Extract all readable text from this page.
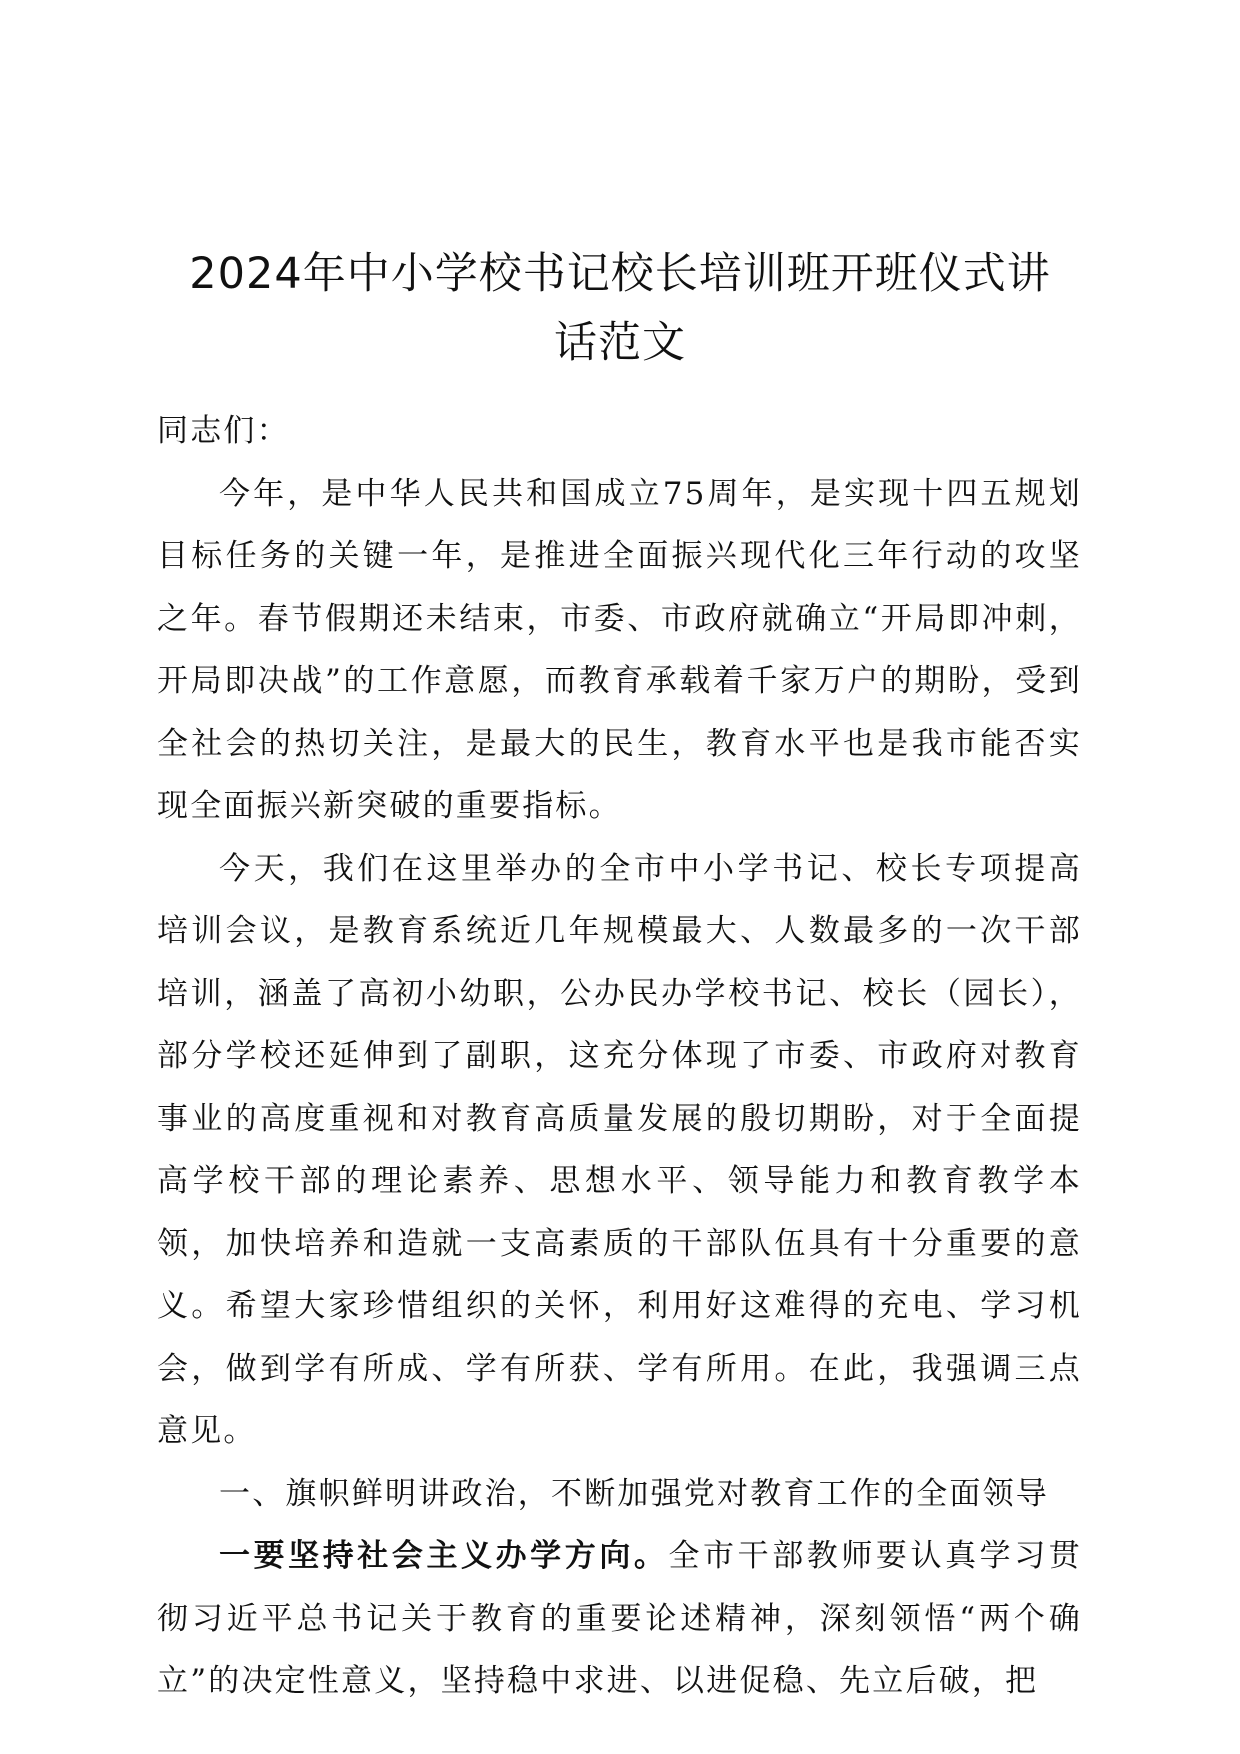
2024年中小学校书记校长培训班开班仪式讲
话范文

同志们：

今年，是中华人民共和国成立75周年，是实现十四五规划目标任务的关键一年，是推进全面振兴现代化三年行动的攻坚之年。春节假期还未结束，市委、市政府就确立“开局即冲刺，开局即决战”的工作意愿，而教育承载着千家万户的期盼，受到全社会的热切关注，是最大的民生，教育水平也是我市能否实现全面振兴新突破的重要指标。

今天，我们在这里举办的全市中小学书记、校长专项提高培训会议，是教育系统近几年规模最大、人数最多的一次干部培训，涵盖了高初小幼职，公办民办学校书记、校长（园长），部分学校还延伸到了副职，这充分体现了市委、市政府对教育事业的高度重视和对教育高质量发展的殷切期盼，对于全面提高学校干部的理论素养、思想水平、领导能力和教育教学本领，加快培养和造就一支高素质的干部队伍具有十分重要的意义。希望大家珍惜组织的关怀，利用好这难得的充电、学习机会，做到学有所成、学有所获、学有所用。在此，我强调三点意见。

一、旗帜鲜明讲政治，不断加强党对教育工作的全面领导

一要坚持社会主义办学方向。全市干部教师要认真学习贯彻习近平总书记关于教育的重要论述精神，深刻领悟“两个确立”的决定性意义，坚持稳中求进、以进促稳、先立后破，把
